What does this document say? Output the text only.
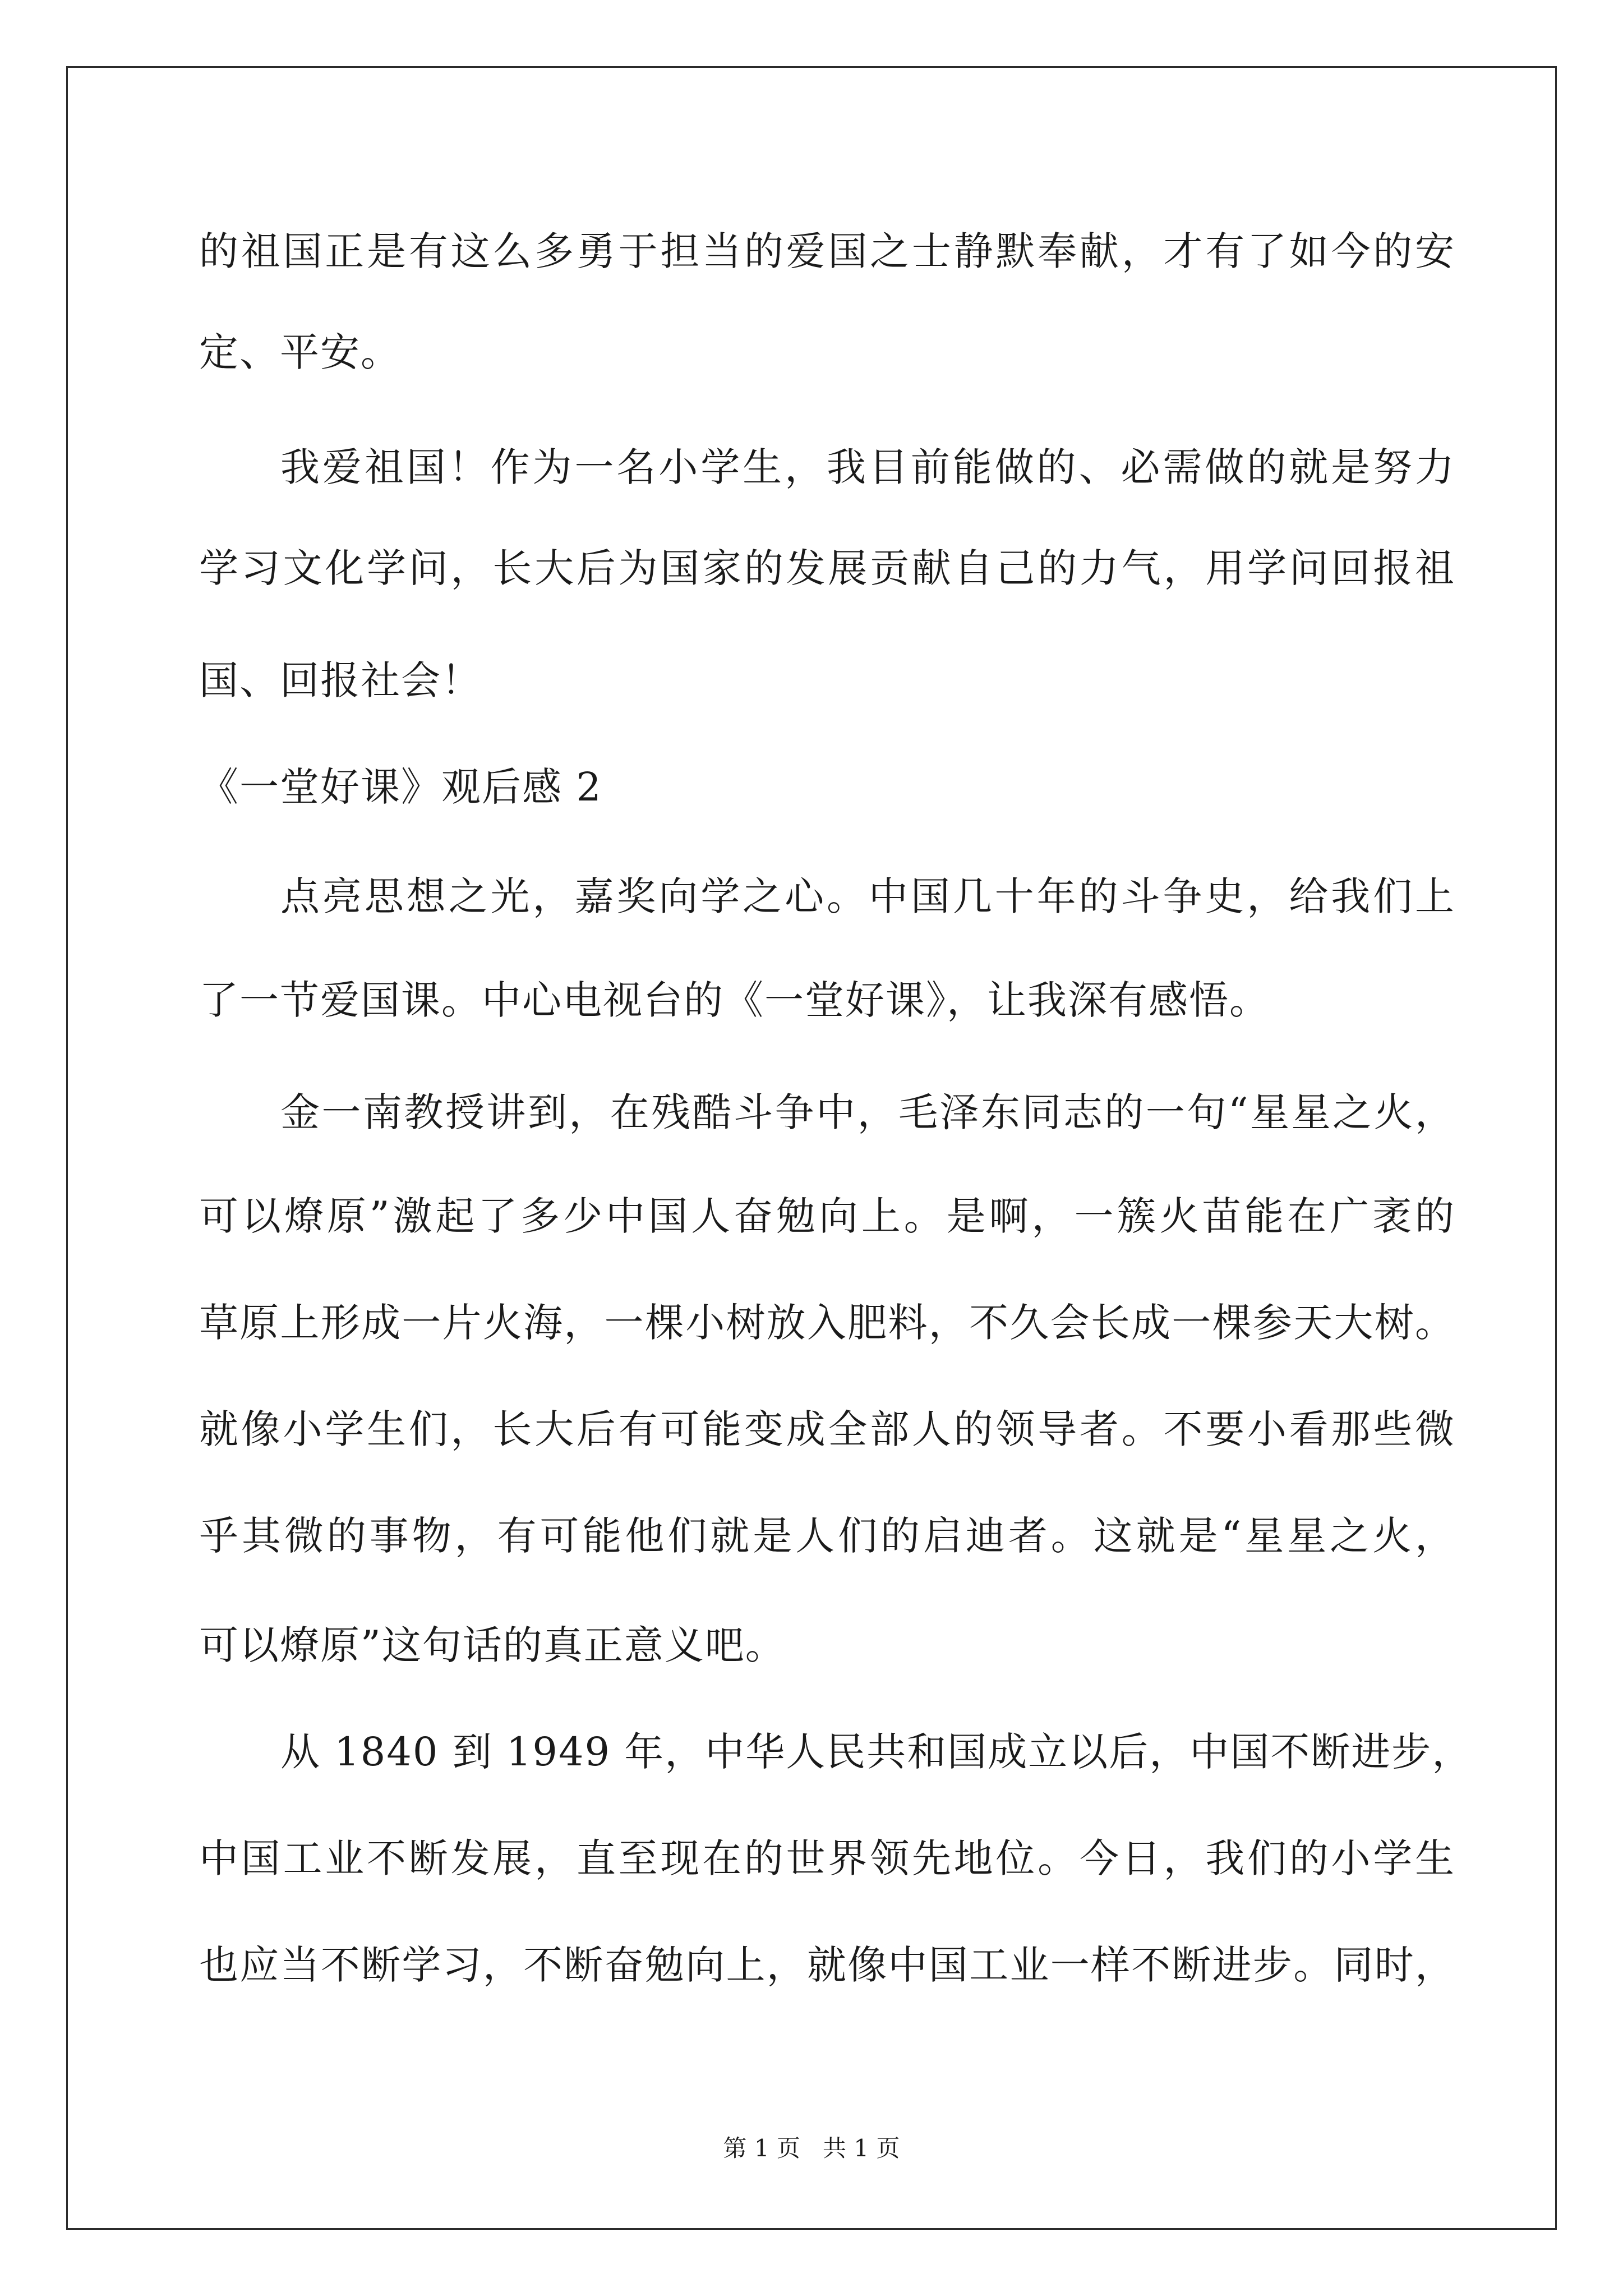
的祖国正是有这么多勇于担当的爱国之士静默奉献，才有了如今的安
定、平安。
我爱祖国！作为一名小学生，我目前能做的、必需做的就是努力
学习文化学问，长大后为国家的发展贡献自己的力气，用学问回报祖
国、回报社会！
《一堂好课》观后感 2
点亮思想之光，嘉奖向学之心。中国几十年的斗争史，给我们上
了一节爱国课。中心电视台的《一堂好课》，让我深有感悟。
金一南教授讲到，在残酷斗争中，毛泽东同志的一句“星星之火，
可以燎原”激起了多少中国人奋勉向上。是啊，一簇火苗能在广袤的
草原上形成一片火海，一棵小树放入肥料，不久会长成一棵参天大树。
就像小学生们，长大后有可能变成全部人的领导者。不要小看那些微
乎其微的事物，有可能他们就是人们的启迪者。这就是“星星之火，
可以燎原”这句话的真正意义吧。
从 1840 到 1949 年，中华人民共和国成立以后，中国不断进步，
中国工业不断发展，直至现在的世界领先地位。今日，我们的小学生
也应当不断学习，不断奋勉向上，就像中国工业一样不断进步。同时，
第 1 页   共 1 页
